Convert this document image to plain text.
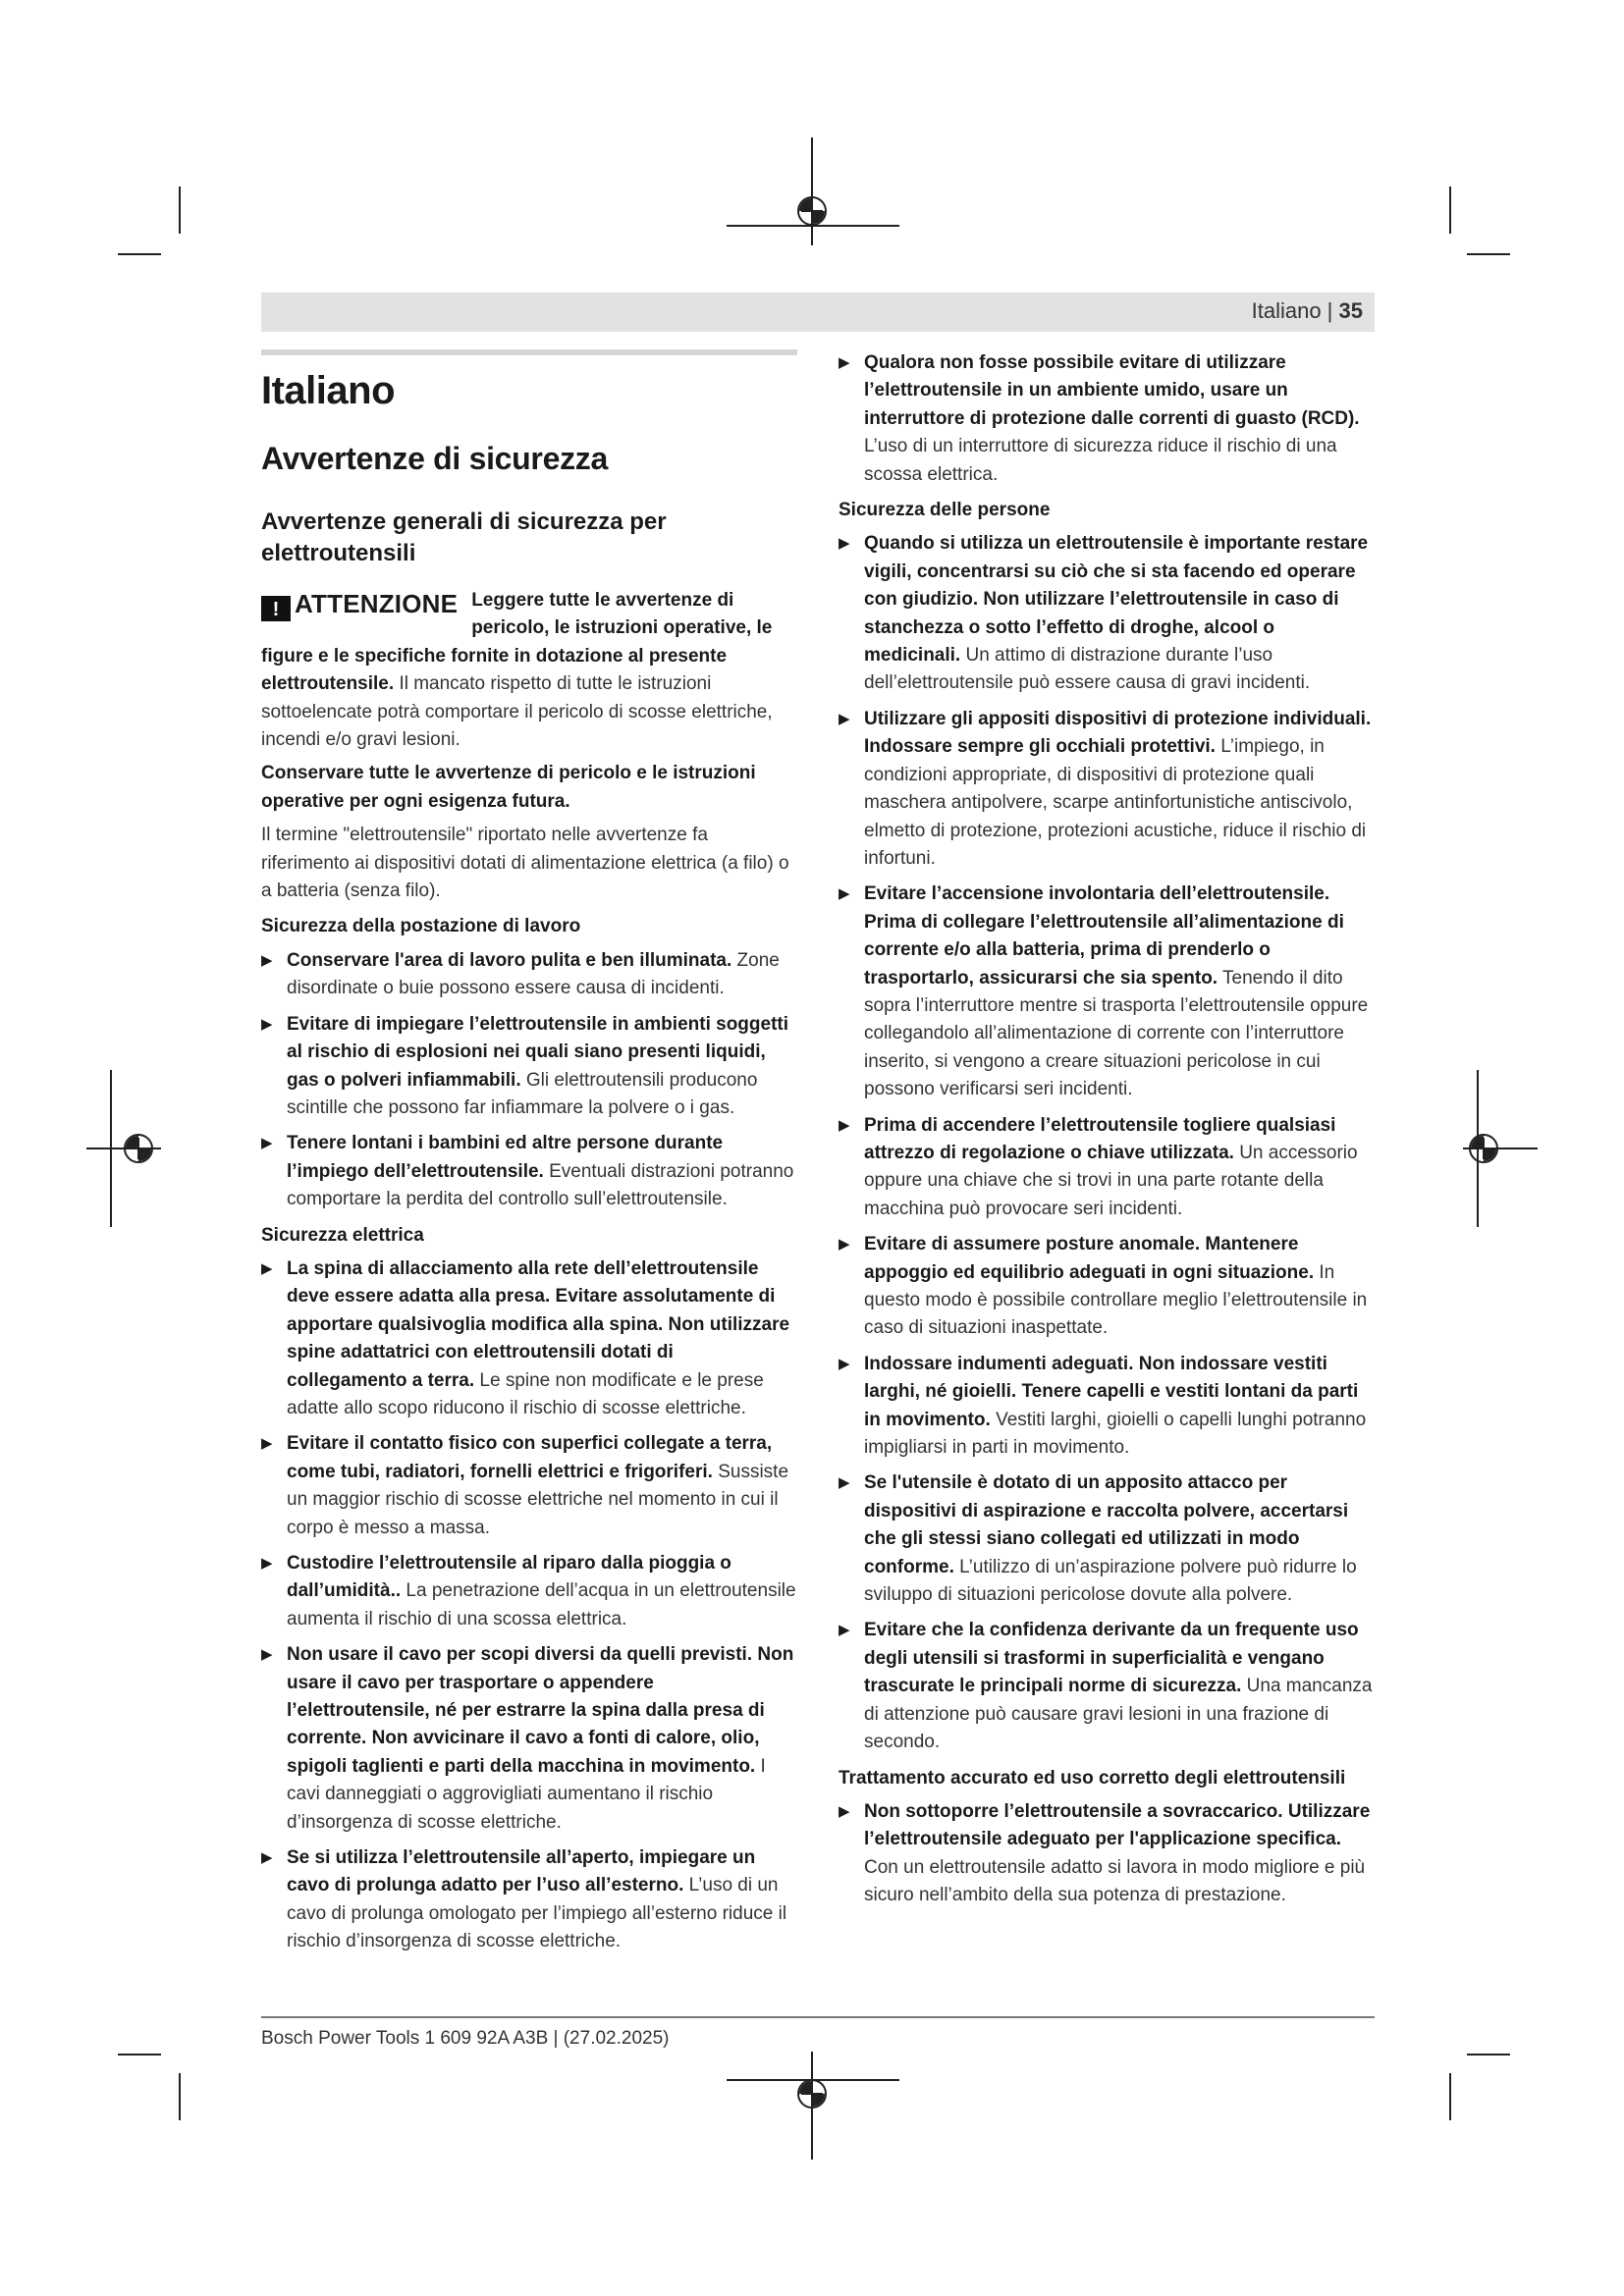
Italiano | 35
Italiano
Avvertenze di sicurezza
Avvertenze generali di sicurezza per elettroutensili
! ATTENZIONE Leggere tutte le avvertenze di pericolo, le istruzioni operative, le figure e le specifiche fornite in dotazione al presente elettroutensile. Il mancato rispetto di tutte le istruzioni sottoelencate potrà comportare il pericolo di scosse elettriche, incendi e/o gravi lesioni.

Conservare tutte le avvertenze di pericolo e le istruzioni operative per ogni esigenza futura.

Il termine "elettroutensile" riportato nelle avvertenze fa riferimento ai dispositivi dotati di alimentazione elettrica (a filo) o a batteria (senza filo).

Sicurezza della postazione di lavoro
▶ Conservare l'area di lavoro pulita e ben illuminata. Zone disordinate o buie possono essere causa di incidenti.
▶ Evitare di impiegare l’elettroutensile in ambienti soggetti al rischio di esplosioni nei quali siano presenti liquidi, gas o polveri infiammabili. Gli elettroutensili producono scintille che possono far infiammare la polvere o i gas.
▶ Tenere lontani i bambini ed altre persone durante l’impiego dell’elettroutensile. Eventuali distrazioni potranno comportare la perdita del controllo sull’elettroutensile.
Sicurezza elettrica
▶ La spina di allacciamento alla rete dell’elettroutensile deve essere adatta alla presa. Evitare assolutamente di apportare qualsivoglia modifica alla spina. Non utilizzare spine adattatrici con elettroutensili dotati di collegamento a terra. Le spine non modificate e le prese adatte allo scopo riducono il rischio di scosse elettriche.
▶ Evitare il contatto fisico con superfici collegate a terra, come tubi, radiatori, fornelli elettrici e frigoriferi. Sussiste un maggior rischio di scosse elettriche nel momento in cui il corpo è messo a massa.
▶ Custodire l’elettroutensile al riparo dalla pioggia o dall’umidità.. La penetrazione dell’acqua in un elettroutensile aumenta il rischio di una scossa elettrica.
▶ Non usare il cavo per scopi diversi da quelli previsti. Non usare il cavo per trasportare o appendere l’elettroutensile, né per estrarre la spina dalla presa di corrente. Non avvicinare il cavo a fonti di calore, olio, spigoli taglienti e parti della macchina in movimento. I cavi danneggiati o aggrovigliati aumentano il rischio d’insorgenza di scosse elettriche.
▶ Se si utilizza l’elettroutensile all’aperto, impiegare un cavo di prolunga adatto per l’uso all’esterno. L’uso di un cavo di prolunga omologato per l’impiego all’esterno riduce il rischio d’insorgenza di scosse elettriche.
▶ Qualora non fosse possibile evitare di utilizzare l’elettroutensile in un ambiente umido, usare un interruttore di protezione dalle correnti di guasto (RCD). L’uso di un interruttore di sicurezza riduce il rischio di una scossa elettrica.
Sicurezza delle persone
▶ Quando si utilizza un elettroutensile è importante restare vigili, concentrarsi su ciò che si sta facendo ed operare con giudizio. Non utilizzare l’elettroutensile in caso di stanchezza o sotto l’effetto di droghe, alcool o medicinali. Un attimo di distrazione durante l’uso dell’elettroutensile può essere causa di gravi incidenti.
▶ Utilizzare gli appositi dispositivi di protezione individuali. Indossare sempre gli occhiali protettivi. L’impiego, in condizioni appropriate, di dispositivi di protezione quali maschera antipolvere, scarpe antinfortunistiche antiscivolo, elmetto di protezione, protezioni acustiche, riduce il rischio di infortuni.
▶ Evitare l’accensione involontaria dell’elettroutensile. Prima di collegare l’elettroutensile all’alimentazione di corrente e/o alla batteria, prima di prenderlo o trasportarlo, assicurarsi che sia spento. Tenendo il dito sopra l’interruttore mentre si trasporta l’elettroutensile oppure collegandolo all’alimentazione di corrente con l’interruttore inserito, si vengono a creare situazioni pericolose in cui possono verificarsi seri incidenti.
▶ Prima di accendere l’elettroutensile togliere qualsiasi attrezzo di regolazione o chiave utilizzata. Un accessorio oppure una chiave che si trovi in una parte rotante della macchina può provocare seri incidenti.
▶ Evitare di assumere posture anomale. Mantenere appoggio ed equilibrio adeguati in ogni situazione. In questo modo è possibile controllare meglio l’elettroutensile in caso di situazioni inaspettate.
▶ Indossare indumenti adeguati. Non indossare vestiti larghi, né gioielli. Tenere capelli e vestiti lontani da parti in movimento. Vestiti larghi, gioielli o capelli lunghi potranno impigliarsi in parti in movimento.
▶ Se l'utensile è dotato di un apposito attacco per dispositivi di aspirazione e raccolta polvere, accertarsi che gli stessi siano collegati ed utilizzati in modo conforme. L’utilizzo di un’aspirazione polvere può ridurre lo sviluppo di situazioni pericolose dovute alla polvere.
▶ Evitare che la confidenza derivante da un frequente uso degli utensili si trasformi in superficialità e vengano trascurate le principali norme di sicurezza. Una mancanza di attenzione può causare gravi lesioni in una frazione di secondo.
Trattamento accurato ed uso corretto degli elettroutensili
▶ Non sottoporre l’elettroutensile a sovraccarico. Utilizzare l’elettroutensile adeguato per l'applicazione specifica. Con un elettroutensile adatto si lavora in modo migliore e più sicuro nell’ambito della sua potenza di prestazione.
Bosch Power Tools 1 609 92A A3B | (27.02.2025)
